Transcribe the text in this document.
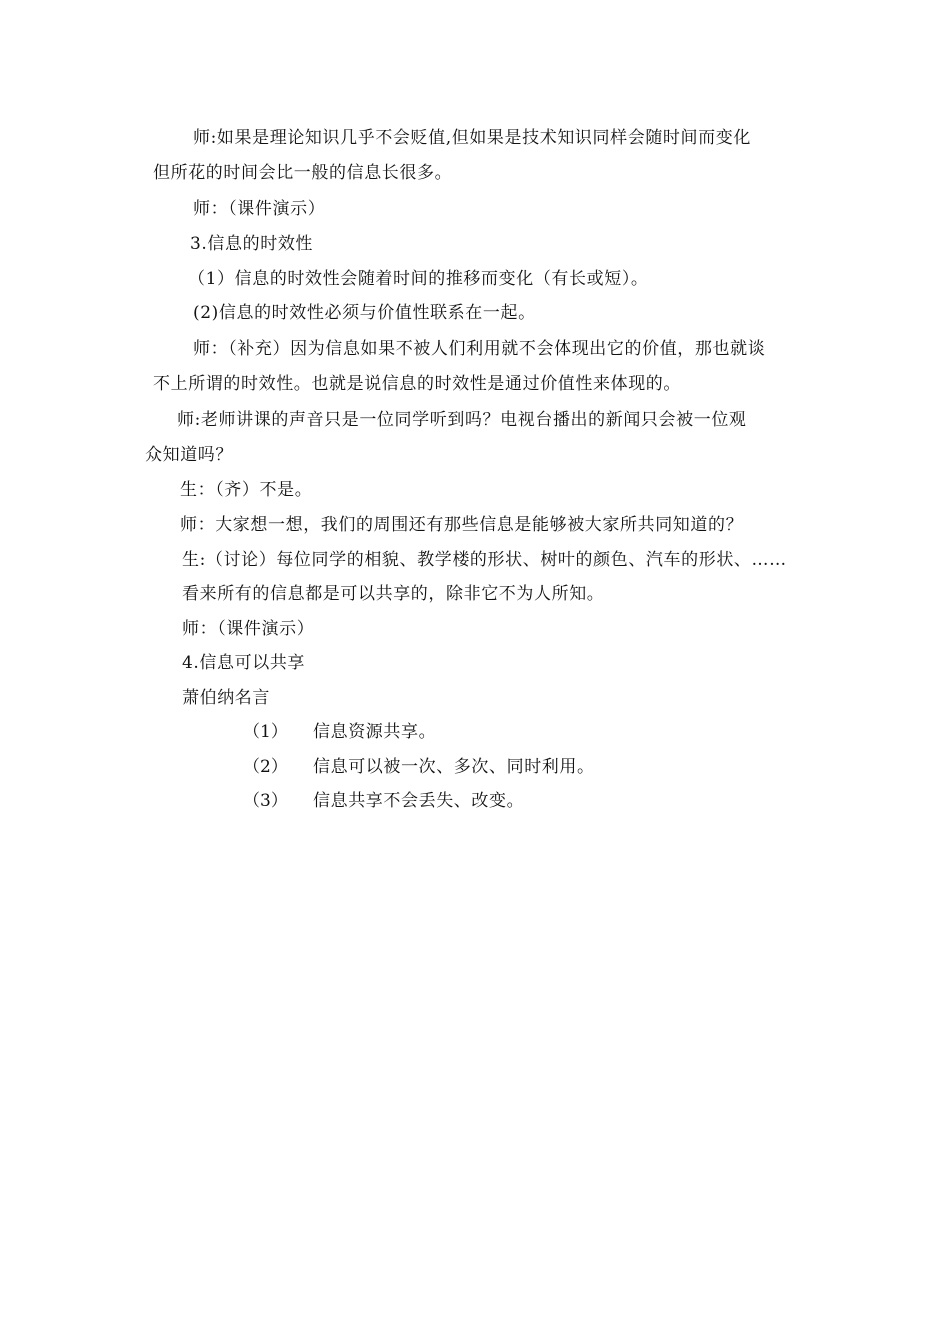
师:如果是理论知识几乎不会贬值,但如果是技术知识同样会随时间而变化
但所花的时间会比一般的信息长很多。
师：（课件演示）
3.信息的时效性
（1）信息的时效性会随着时间的推移而变化（有长或短）。
(2)信息的时效性必须与价值性联系在一起。
师：（补充）因为信息如果不被人们利用就不会体现出它的价值，那也就谈
不上所谓的时效性。也就是说信息的时效性是通过价值性来体现的。
师:老师讲课的声音只是一位同学听到吗？电视台播出的新闻只会被一位观
众知道吗？
生：（齐）不是。
师：大家想一想，我们的周围还有那些信息是能够被大家所共同知道的？
生:（讨论）每位同学的相貌、教学楼的形状、树叶的颜色、汽车的形状、……
看来所有的信息都是可以共享的，除非它不为人所知。
师：（课件演示）
4.信息可以共享
萧伯纳名言
（1） 信息资源共享。
（2） 信息可以被一次、多次、同时利用。
（3） 信息共享不会丢失、改变。
